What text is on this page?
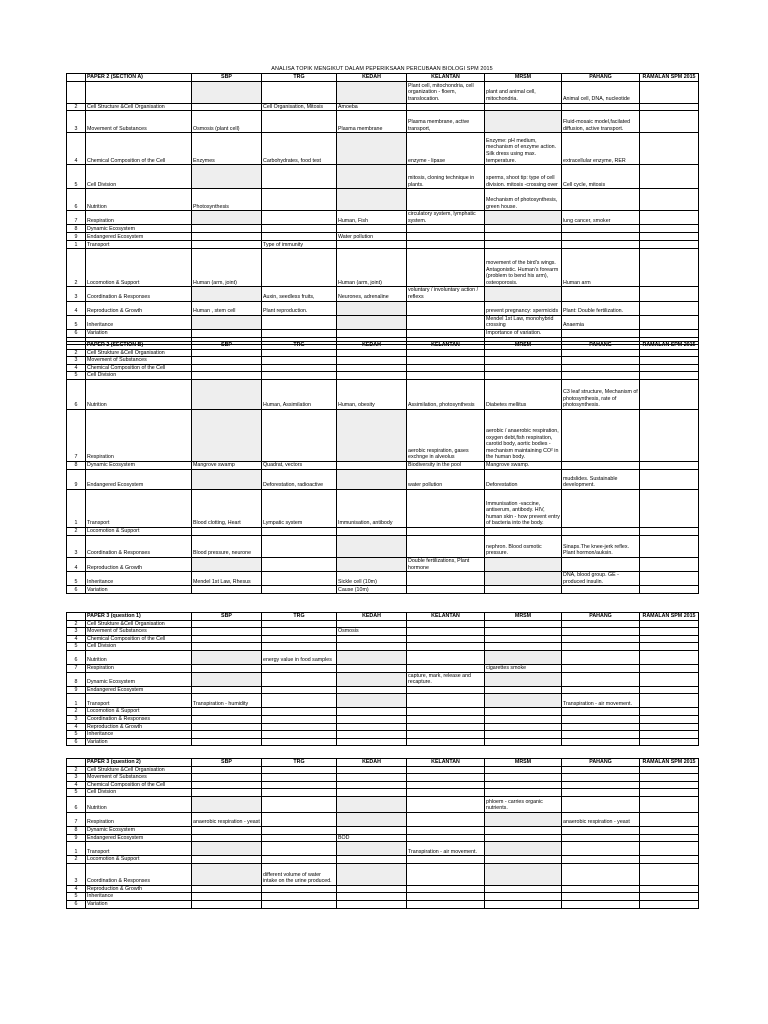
ANALISA TOPIK MENGIKUT DALAM PEPERIKSAAN PERCUBAAN BIOLOGI SPM 2015
	PAPER 2 (SECTION A)	SBP	TRG	KEDAH	KELANTAN	MRSM	PAHANG	RAMALAN SPM 2015
					Plant cell, mitochondria, cell organization - floem, translocation.	plant and animal cell, mitochondria.	Animal cell, DNA, nucleotide	
2	Cell Structure &Cell Organisation		Cell Organisation, Mitosis	Amoeba				
3	Movement of Substances	Osmosis (plant cell)		Plasma membrane	Plasma membrane, active transport,		Fluid-mosaic model,facilated diffusion, active transport.	
4	Chemical Composition of the Cell	Enzymes	Carbohydrates, food test		enzyme - lipase	Enzyme: pH medium, mechanism of enzyme action. Silk dress using max. temperature.	extracellular enzyme, RER	
5	Cell Division				mitosis, cloning technique in plants.	sperms, shoot tip: type of cell division. mitosis -crossing over	Cell cycle, mitosis	
6	Nutrition	Photosynthesis				Mechanism of photosynthesis, green house.		
7	Respiration			Human, Fish	circulatory system, lymphatic system.		lung cancer, smoker	
8	Dynamic Ecosystem							
9	Endangered Ecosystem			Water pollution				
1	Transport		Type of immunity					
2	Locomotion & Support	Human (arm, joint)		Human (arm, joint)		movement of the bird's wings. Antagonistic. Human's forearm (problem to bend his arm), osteoporosis.	Human arm	
3	Coordination & Responses		Auxin, seedless fruits,	Neurones, adrenaline	voluntary / involuntary action / reflexs			
4	Reproduction & Growth	Human , stem cell	Plant reproduction.			prevent pregnancy: spermicids	Plant: Double fertilization.	
5	Inheritance					Mendel 1st Law, monohybrid crossing	Anaemia	
6	Variation					Importance of variation.		

	PAPER 2 (SECTION B)	SBP	TRG	KEDAH	KELANTAN	MRSM	PAHANG	RAMALAN SPM 2015
2	Cell Strukture &Cell Organisation							
3	Movement of Substances							
4	Chemical Composition of the Cell							
5	Cell Division							
6	Nutrition		Human, Assimilation	Human, obesity	Assimilation, photosynthesis	Diabetes mellitus	C3 leaf structure, Mechanism of photosynthesis, rate of photosynthesis.	
7	Respiration				aerobic respiration, gases exchnge in alveolus	aerobic / anaerobic respiration, oxygen debt,fish respiration, carotid body, aortic bodies - mechanism maintaining CO² in the human body.		
8	Dynamic Ecosystem	Mangrove swamp	Quadrat, vectors		Biodiversity in the pool	Mangrove swamp.		
9	Endangered Ecosystem		Deforestation, radioactive		water pollution	Deforestation	mudslides. Sustainable development.	
1	Transport	Blood clotting, Heart	Lympatic system	Immunisation, antibody		Immunisation -vaccine, antiserum, antibody. HIV, human skin - how prevent entry of bacteria into the body.		
2	Locomotion & Support							
3	Coordination & Responses	Blood pressure, neurone				nephron. Blood osmotic pressure.	Sinaps.The knee-jerk reflex. Plant hormon/auksin.	
4	Reproduction & Growth				Double fertilizations, Plant hormone			
5	Inheritance	Mendel 1st Law, Rhesus		Sickle cell (10m)			DNA, blood group. GE - produced insulin.	
6	Variation			Cause (10m)				
	PAPER 3 (question 1)	SBP	TRG	KEDAH	KELANTAN	MRSM	PAHANG	RAMALAN SPM 2015
2	Cell Strukture &Cell Organisation							
3	Movement of Substances			Osmosis				
4	Chemical Composition of the Cell							
5	Cell Division							
6	Nutrition		energy value in food samples					
7	Respiration					cigarettes smoke		
8	Dynamic Ecosystem				capture, mark, release and recapture.			
9	Endangered Ecosystem							
1	Transport	Transpiration - humidity					Transpiration - air movement.	
2	Locomotion & Support							
3	Coordination & Responses							
4	Reproduction & Growth							
5	Inheritance							
6	Variation							
	PAPER 3 (question 2)	SBP	TRG	KEDAH	KELANTAN	MRSM	PAHANG	RAMALAN SPM 2015
2	Cell Strukture &Cell Organisation							
3	Movement of Substances							
4	Chemical Composition of the Cell							
5	Cell Division							
6	Nutrition					phloem - carries organic nutrients.		
7	Respiration	anaerobic respiration - yeast					anaerobic respiration - yeast	
8	Dynamic Ecosystem							
9	Endangered Ecosystem			BOD				
1	Transport				Transpiration - air movement.			
2	Locomotion & Support							
3	Coordination & Responses		different volume of water intake on the urine produced.					
4	Reproduction & Growth							
5	Inheritance							
6	Variation							
